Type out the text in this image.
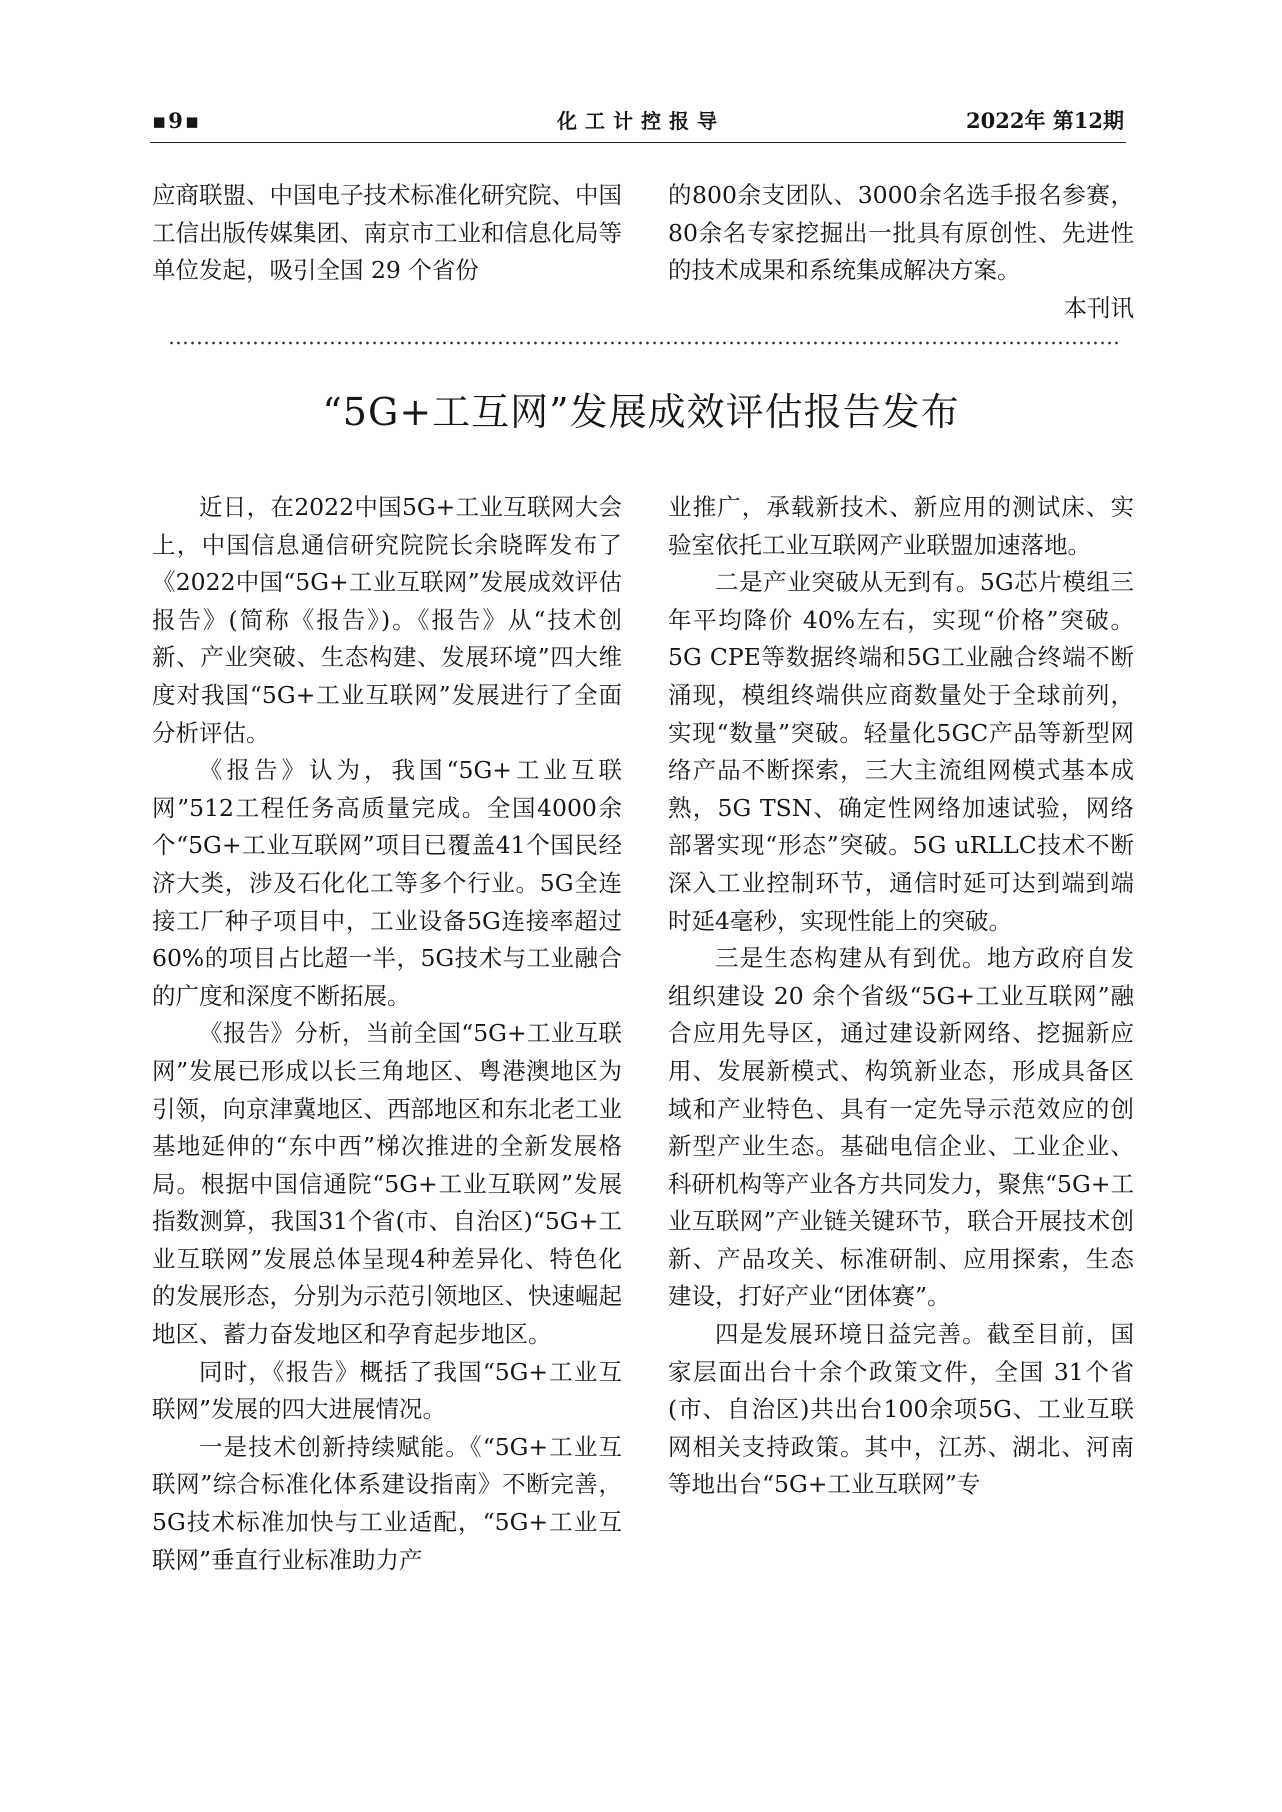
▪9▪	化工计控报导	2022年 第12期

应商联盟、中国电子技术标准化研究院、中国工信出版传媒集团、南京市工业和信息化局等单位发起，吸引全国 29 个省份

的800余支团队、3000余名选手报名参赛，80余名专家挖掘出一批具有原创性、先进性的技术成果和系统集成解决方案。

本刊讯

“5G+工互网”发展成效评估报告发布

近日，在2022中国5G+工业互联网大会上，中国信息通信研究院院长余晓晖发布了《2022中国“5G+工业互联网”发展成效评估报告》(简称《报告》)。《报告》从“技术创新、产业突破、生态构建、发展环境”四大维度对我国“5G+工业互联网”发展进行了全面分析评估。

《报告》认为，我国“5G+工业互联网”512工程任务高质量完成。全国4000余个“5G+工业互联网”项目已覆盖41个国民经济大类，涉及石化化工等多个行业。5G全连接工厂种子项目中，工业设备5G连接率超过60%的项目占比超一半，5G技术与工业融合的广度和深度不断拓展。

《报告》分析，当前全国“5G+工业互联网”发展已形成以长三角地区、粤港澳地区为引领，向京津冀地区、西部地区和东北老工业基地延伸的“东中西”梯次推进的全新发展格局。根据中国信通院“5G+工业互联网”发展指数测算，我国31个省(市、自治区)“5G+工业互联网”发展总体呈现4种差异化、特色化的发展形态，分别为示范引领地区、快速崛起地区、蓄力奋发地区和孕育起步地区。

同时，《报告》概括了我国“5G+工业互联网”发展的四大进展情况。

一是技术创新持续赋能。《“5G+工业互联网”综合标准化体系建设指南》不断完善，5G技术标准加快与工业适配，“5G+工业互联网”垂直行业标准助力产

业推广，承载新技术、新应用的测试床、实验室依托工业互联网产业联盟加速落地。

二是产业突破从无到有。5G芯片模组三年平均降价 40%左右，实现“价格”突破。5G CPE等数据终端和5G工业融合终端不断涌现，模组终端供应商数量处于全球前列，实现“数量”突破。轻量化5GC产品等新型网络产品不断探索，三大主流组网模式基本成熟，5G TSN、确定性网络加速试验，网络部署实现“形态”突破。5G uRLLC技术不断深入工业控制环节，通信时延可达到端到端时延4毫秒，实现性能上的突破。

三是生态构建从有到优。地方政府自发组织建设 20 余个省级“5G+工业互联网”融合应用先导区，通过建设新网络、挖掘新应用、发展新模式、构筑新业态，形成具备区域和产业特色、具有一定先导示范效应的创新型产业生态。基础电信企业、工业企业、科研机构等产业各方共同发力，聚焦“5G+工业互联网”产业链关键环节，联合开展技术创新、产品攻关、标准研制、应用探索，生态建设，打好产业“团体赛”。

四是发展环境日益完善。截至目前，国家层面出台十余个政策文件，全国 31个省(市、自治区)共出台100余项5G、工业互联网相关支持政策。其中，江苏、湖北、河南等地出台“5G+工业互联网”专
